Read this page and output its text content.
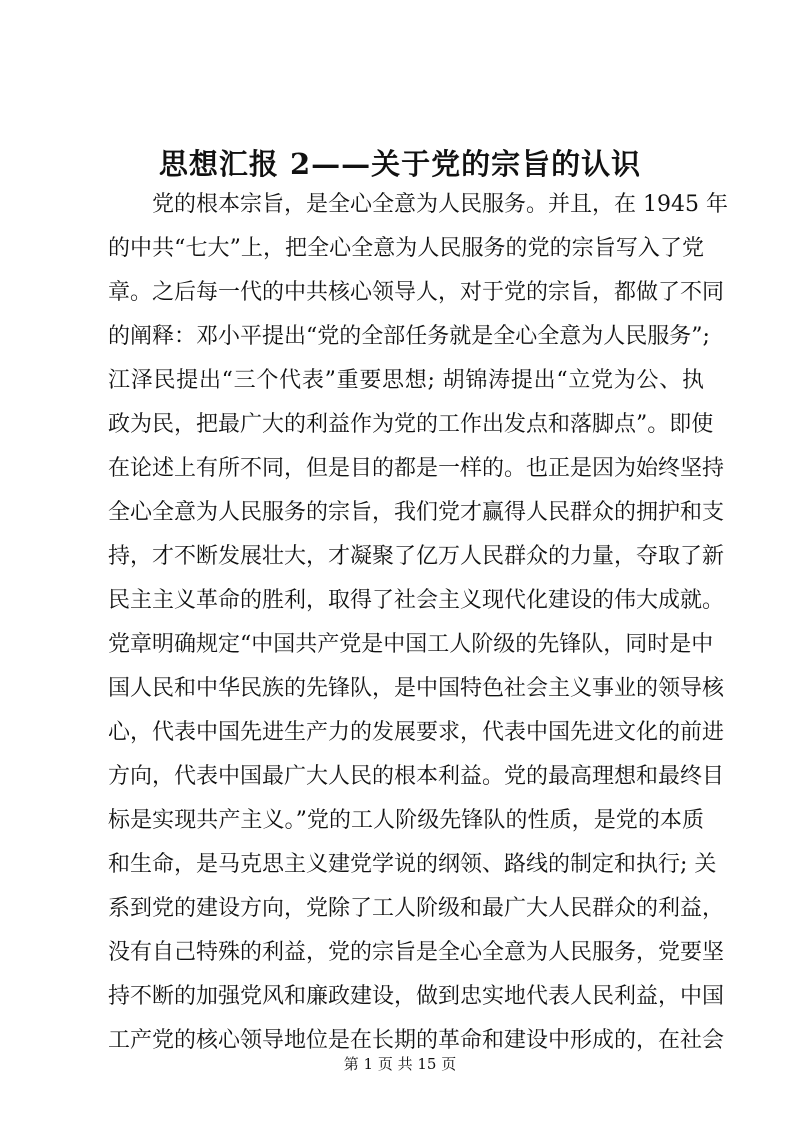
思想汇报 2——关于党的宗旨的认识
党的根本宗旨，是全心全意为人民服务。并且，在 1945 年
的中共“七大”上，把全心全意为人民服务的党的宗旨写入了党
章。之后每一代的中共核心领导人，对于党的宗旨，都做了不同
的阐释：邓小平提出“党的全部任务就是全心全意为人民服务”;
江泽民提出“三个代表”重要思想; 胡锦涛提出“立党为公、执
政为民，把最广大的利益作为党的工作出发点和落脚点”。即使
在论述上有所不同，但是目的都是一样的。也正是因为始终坚持
全心全意为人民服务的宗旨，我们党才赢得人民群众的拥护和支
持，才不断发展壮大，才凝聚了亿万人民群众的力量，夺取了新
民主主义革命的胜利，取得了社会主义现代化建设的伟大成就。
党章明确规定“中国共产党是中国工人阶级的先锋队，同时是中
国人民和中华民族的先锋队，是中国特色社会主义事业的领导核
心，代表中国先进生产力的发展要求，代表中国先进文化的前进
方向，代表中国最广大人民的根本利益。党的最高理想和最终目
标是实现共产主义。”党的工人阶级先锋队的性质，是党的本质
和生命，是马克思主义建党学说的纲领、路线的制定和执行; 关
系到党的建设方向，党除了工人阶级和最广大人民群众的利益，
没有自己特殊的利益，党的宗旨是全心全意为人民服务，党要坚
持不断的加强党风和廉政建设，做到忠实地代表人民利益，中国
工产党的核心领导地位是在长期的革命和建设中形成的，在社会
第 1 页 共 15 页
